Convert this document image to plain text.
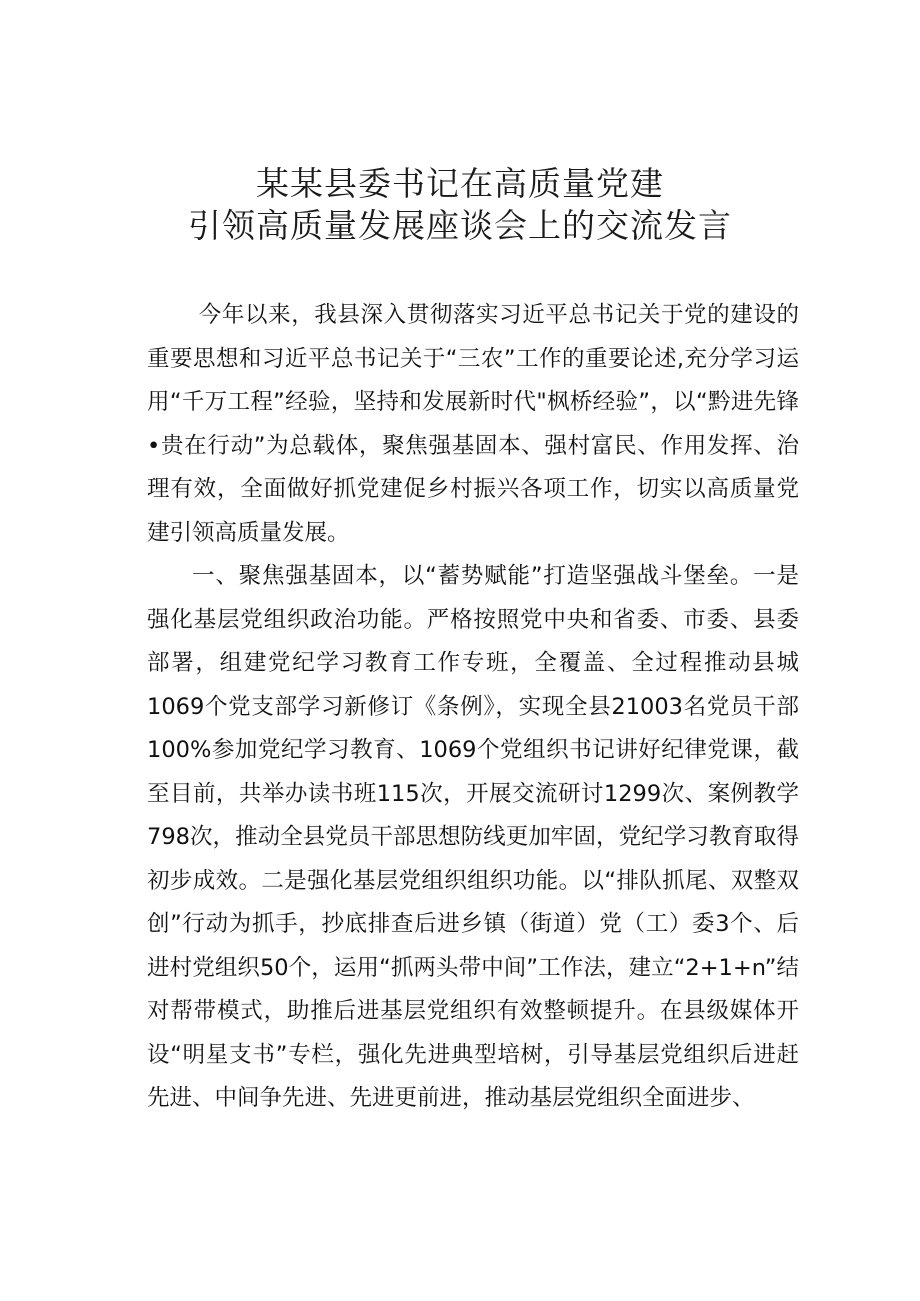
某某县委书记在高质量党建
引领高质量发展座谈会上的交流发言

今年以来，我县深入贯彻落实习近平总书记关于党的建设的重要思想和习近平总书记关于“三农”工作的重要论述,充分学习运用“千万工程”经验，坚持和发展新时代"枫桥经验”，以“黔进先锋•贵在行动”为总载体，聚焦强基固本、强村富民、作用发挥、治理有效，全面做好抓党建促乡村振兴各项工作，切实以高质量党建引领高质量发展。

一、聚焦强基固本，以“蓄势赋能”打造坚强战斗堡垒。一是强化基层党组织政治功能。严格按照党中央和省委、市委、县委部署，组建党纪学习教育工作专班，全覆盖、全过程推动县城1069个党支部学习新修订《条例》，实现全县21003名党员干部100%参加党纪学习教育、1069个党组织书记讲好纪律党课，截至目前，共举办读书班115次，开展交流研讨1299次、案例教学798次，推动全县党员干部思想防线更加牢固，党纪学习教育取得初步成效。二是强化基层党组织组织功能。以“排队抓尾、双整双创”行动为抓手，抄底排查后进乡镇（街道）党（工）委3个、后进村党组织50个，运用“抓两头带中间”工作法，建立“2+1+n”结对帮带模式，助推后进基层党组织有效整顿提升。在县级媒体开设“明星支书”专栏，强化先进典型培树，引导基层党组织后进赶先进、中间争先进、先进更前进，推动基层党组织全面进步、
